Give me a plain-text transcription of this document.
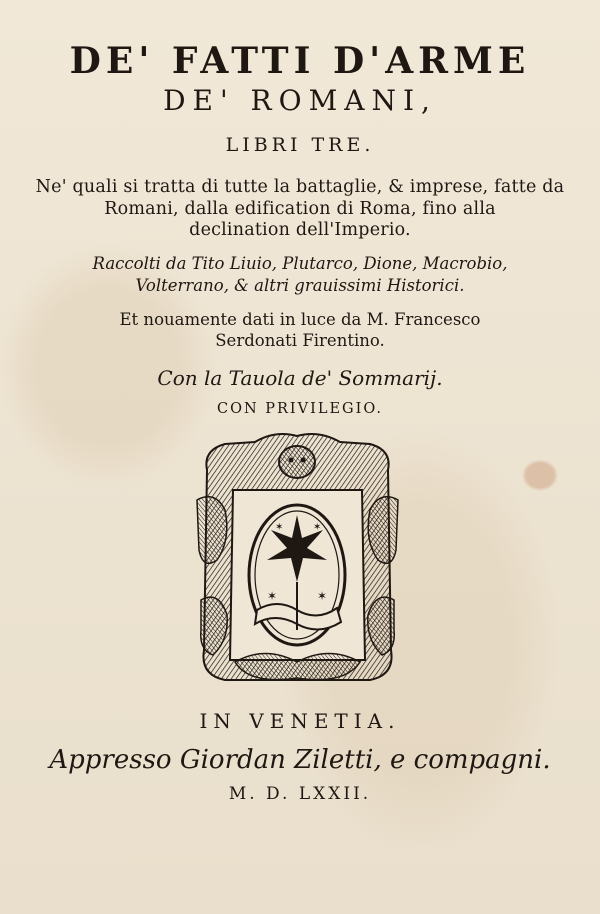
DE' FATTI D'ARME
DE' ROMANI,
LIBRI TRE.
Ne' quali si tratta di tutte la battaglie, & imprese, fatte da
Romani, dalla edification di Roma, fino alla
declination dell'Imperio.
Raccolti da Tito Liuio, Plutarco, Dione, Macrobio,
Volterrano, & altri grauissimi Historici.
Et nouamente dati in luce da M. Francesco
Serdonati Firentino.
Con la Tauola de' Sommarij.
CON PRIVILEGIO.
✶	✶
✶	✶
IN VENETIA.
Appresso Giordan Ziletti, e compagni.
M. D. LXXII.
